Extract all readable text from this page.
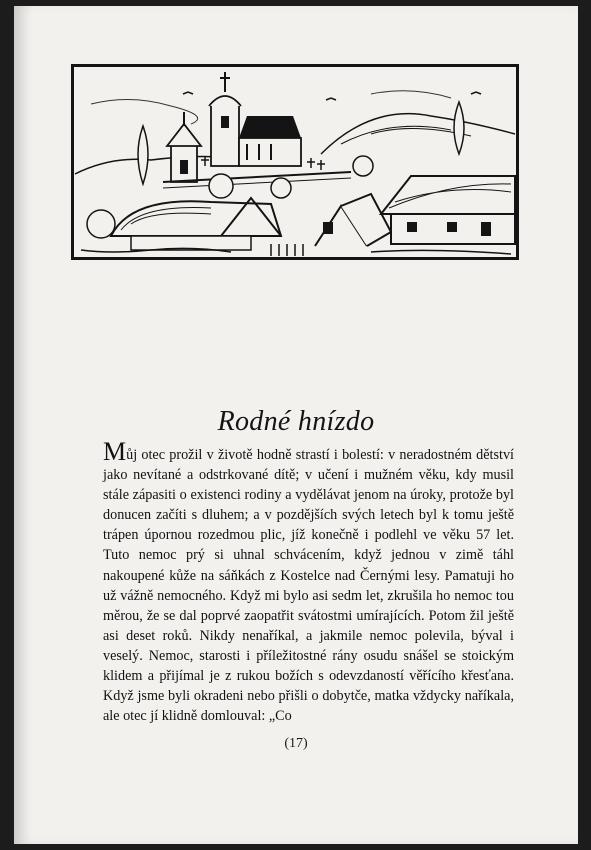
Rodné hnízdo

Můj otec prožil v životě hodně strastí i bolestí: v neradostném dětství jako nevítané a odstrkované dítě; v učení i mužném věku, kdy musil stále zápasiti o existenci rodiny a vydělávat jenom na úroky, protože byl donucen začíti s dluhem; a v pozdějších svých letech byl k tomu ještě trápen úpornou rozedmou plic, jíž konečně i podlehl ve věku 57 let. Tuto nemoc prý si uhnal schvácením, když jednou v zimě táhl nakoupené kůže na sáňkách z Kostelce nad Černými lesy. Pamatuji ho už vážně nemocného. Když mi bylo asi sedm let, zkrušila ho nemoc tou měrou, že se dal poprvé zaopatřit svátostmi umírajících. Potom žil ještě asi deset roků. Nikdy nenaříkal, a jakmile nemoc polevila, býval i veselý. Nemoc, starosti i příležitostné rány osudu snášel se stoickým klidem a přijímal je z rukou božích s odevzdaností věřícího křesťana. Když jsme byli okradeni nebo přišli o dobytče, matka vždycky naříkala, ale otec jí klidně domlouval: „Co

(17)
